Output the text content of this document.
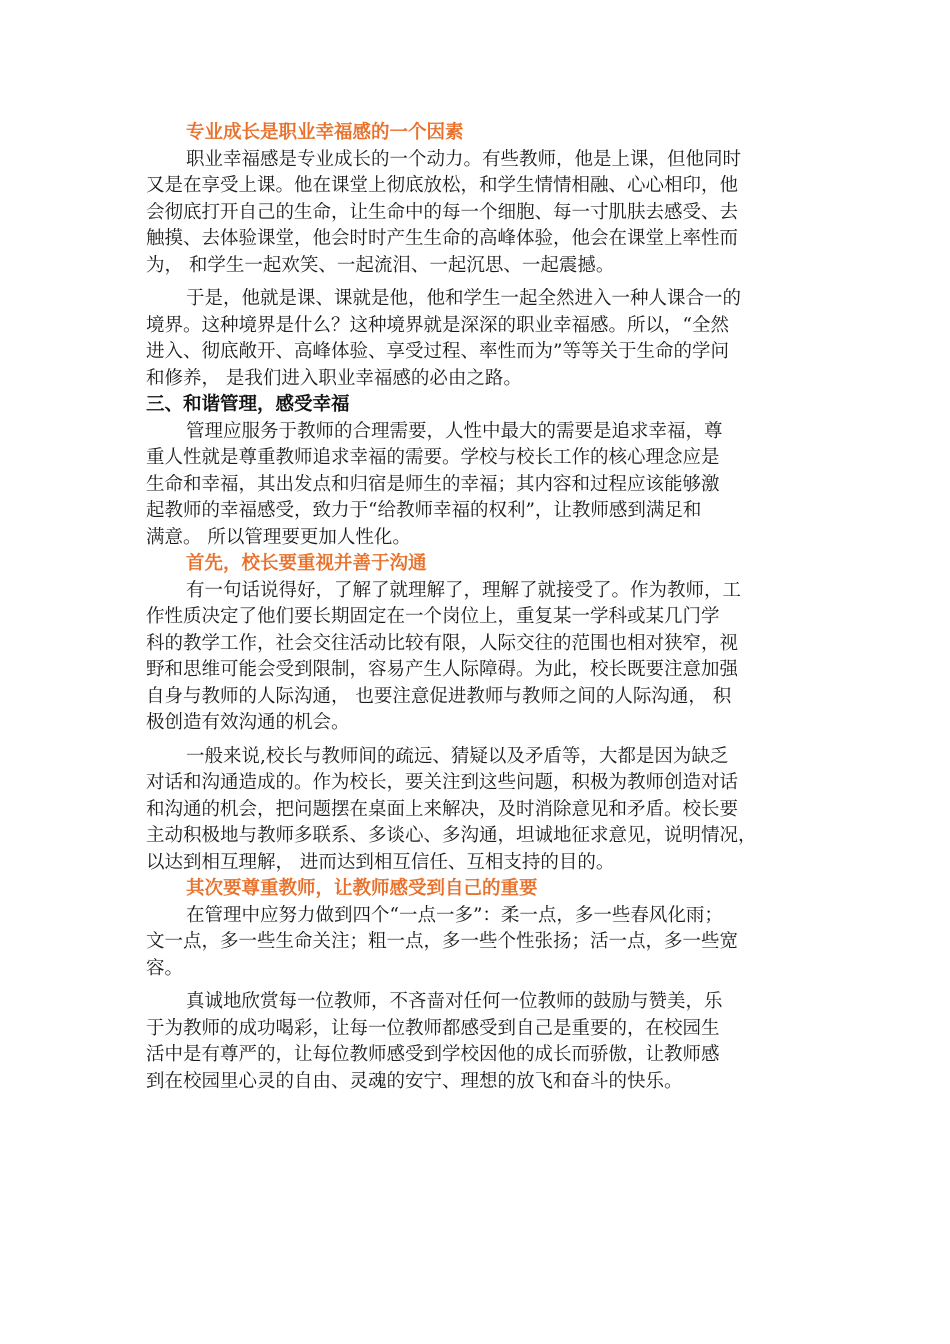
专业成长是职业幸福感的一个因素

职业幸福感是专业成长的一个动力。有些教师，他是上课，但他同时
又是在享受上课。他在课堂上彻底放松，和学生情情相融、心心相印，他
会彻底打开自己的生命，让生命中的每一个细胞、每一寸肌肤去感受、去
触摸、去体验课堂，他会时时产生生命的高峰体验，他会在课堂上率性而
为， 和学生一起欢笑、一起流泪、一起沉思、一起震撼。

于是，他就是课、课就是他，他和学生一起全然进入一种人课合一的
境界。这种境界是什么？这种境界就是深深的职业幸福感。所以，“全然
进入、彻底敞开、高峰体验、享受过程、率性而为”等等关于生命的学问
和修养， 是我们进入职业幸福感的必由之路。

三、和谐管理，感受幸福

管理应服务于教师的合理需要，人性中最大的需要是追求幸福，尊
重人性就是尊重教师追求幸福的需要。学校与校长工作的核心理念应是
生命和幸福，其出发点和归宿是师生的幸福；其内容和过程应该能够激
起教师的幸福感受，致力于“给教师幸福的权利”，让教师感到满足和
满意。 所以管理要更加人性化。

首先，校长要重视并善于沟通

有一句话说得好，了解了就理解了，理解了就接受了。作为教师，工
作性质决定了他们要长期固定在一个岗位上，重复某一学科或某几门学
科的教学工作，社会交往活动比较有限，人际交往的范围也相对狭窄，视
野和思维可能会受到限制，容易产生人际障碍。为此，校长既要注意加强
自身与教师的人际沟通， 也要注意促进教师与教师之间的人际沟通， 积
极创造有效沟通的机会。

一般来说,校长与教师间的疏远、猜疑以及矛盾等，大都是因为缺乏
对话和沟通造成的。作为校长，要关注到这些问题，积极为教师创造对话
和沟通的机会，把问题摆在桌面上来解决，及时消除意见和矛盾。校长要
主动积极地与教师多联系、多谈心、多沟通，坦诚地征求意见，说明情况，
以达到相互理解， 进而达到相互信任、互相支持的目的。

其次要尊重教师，让教师感受到自己的重要

在管理中应努力做到四个“一点一多”：柔一点，多一些春风化雨；
文一点，多一些生命关注；粗一点，多一些个性张扬；活一点，多一些宽
容。

真诚地欣赏每一位教师，不吝啬对任何一位教师的鼓励与赞美，乐
于为教师的成功喝彩，让每一位教师都感受到自己是重要的，在校园生
活中是有尊严的，让每位教师感受到学校因他的成长而骄傲，让教师感
到在校园里心灵的自由、灵魂的安宁、理想的放飞和奋斗的快乐。
